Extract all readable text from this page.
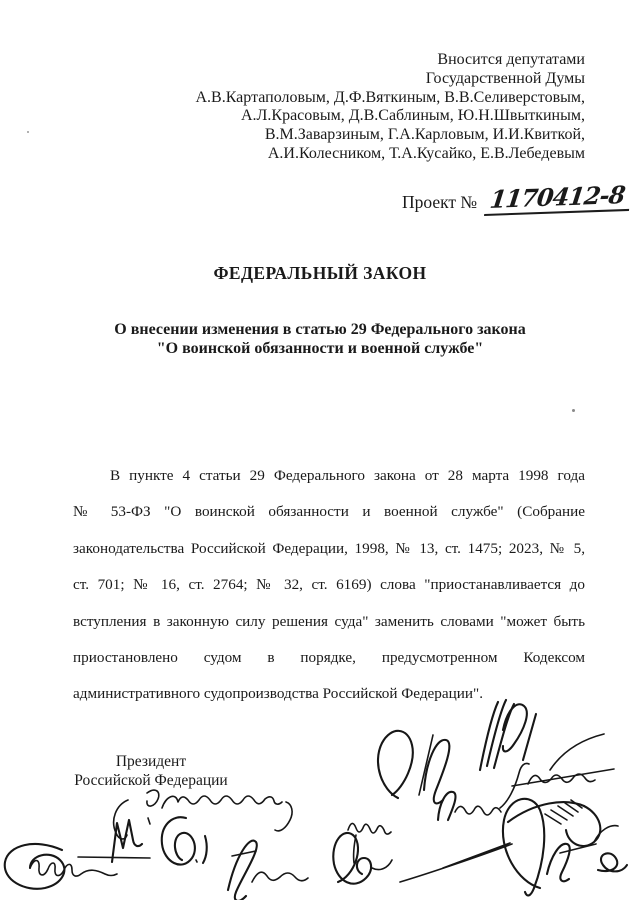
Вносится депутатами
Государственной Думы
А.В.Картаполовым, Д.Ф.Вяткиным, В.В.Селиверстовым,
А.Л.Красовым, Д.В.Саблиным, Ю.Н.Швыткиным,
В.М.Заварзиным, Г.А.Карловым, И.И.Квиткой,
А.И.Колесником, Т.А.Кусайко, Е.В.Лебедевым
Проект № 1170412-8
ФЕДЕРАЛЬНЫЙ ЗАКОН
О внесении изменения в статью 29 Федерального закона
"О воинской обязанности и военной службе"
В пункте 4 статьи 29 Федерального закона от 28 марта 1998 года
№ 53-ФЗ "О воинской обязанности и военной службе" (Собрание
законодательства Российской Федерации, 1998, № 13, ст. 1475; 2023, № 5,
ст. 701; № 16, ст. 2764; № 32, ст. 6169) слова "приостанавливается до
вступления в законную силу решения суда" заменить словами "может быть
приостановлено судом в порядке, предусмотренном Кодексом
административного судопроизводства Российской Федерации".
Президент
Российской Федерации
